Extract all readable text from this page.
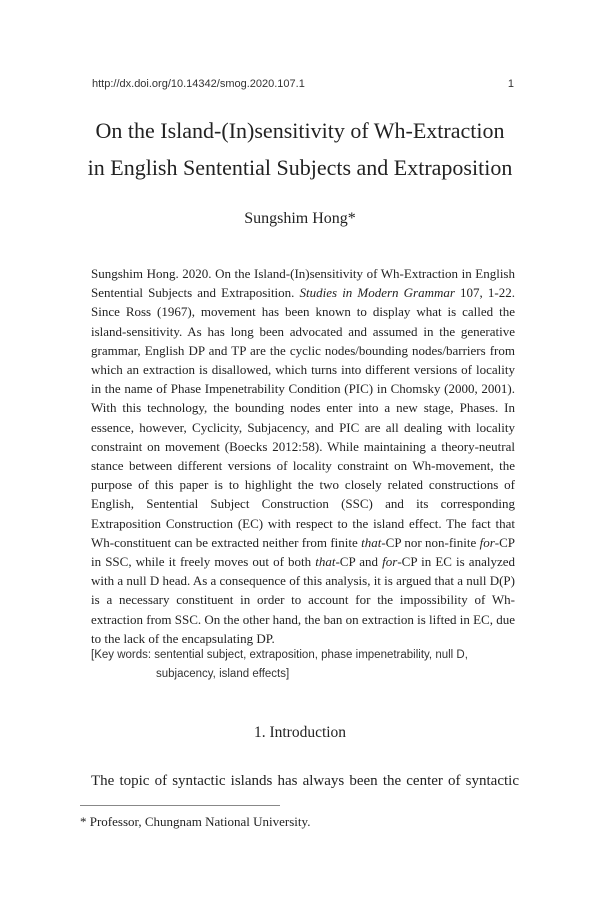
http://dx.doi.org/10.14342/smog.2020.107.1	1
On the Island-(In)sensitivity of Wh-Extraction
in English Sentential Subjects and Extraposition
Sungshim Hong*

Sungshim Hong. 2020. On the Island-(In)sensitivity of Wh-Extraction in English Sentential Subjects and Extraposition. Studies in Modern Grammar 107, 1-22. Since Ross (1967), movement has been known to display what is called the island-sensitivity. As has long been advocated and assumed in the generative grammar, English DP and TP are the cyclic nodes/bounding nodes/barriers from which an extraction is disallowed, which turns into different versions of locality in the name of Phase Impenetrability Condition (PIC) in Chomsky (2000, 2001). With this technology, the bounding nodes enter into a new stage, Phases. In essence, however, Cyclicity, Subjacency, and PIC are all dealing with locality constraint on movement (Boecks 2012:58). While maintaining a theory-neutral stance between different versions of locality constraint on Wh-movement, the purpose of this paper is to highlight the two closely related constructions of English, Sentential Subject Construction (SSC) and its corresponding Extraposition Construction (EC) with respect to the island effect. The fact that Wh-constituent can be extracted neither from finite that-CP nor non-finite for-CP in SSC, while it freely moves out of both that-CP and for-CP in EC is analyzed with a null D head. As a consequence of this analysis, it is argued that a null D(P) is a necessary constituent in order to account for the impossibility of Wh-extraction from SSC. On the other hand, the ban on extraction is lifted in EC, due to the lack of the encapsulating DP.

[Key words: sentential subject, extraposition, phase impenetrability, null D,
subjacency, island effects]
1. Introduction

The topic of syntactic islands has always been the center of syntactic

* Professor, Chungnam National University.
